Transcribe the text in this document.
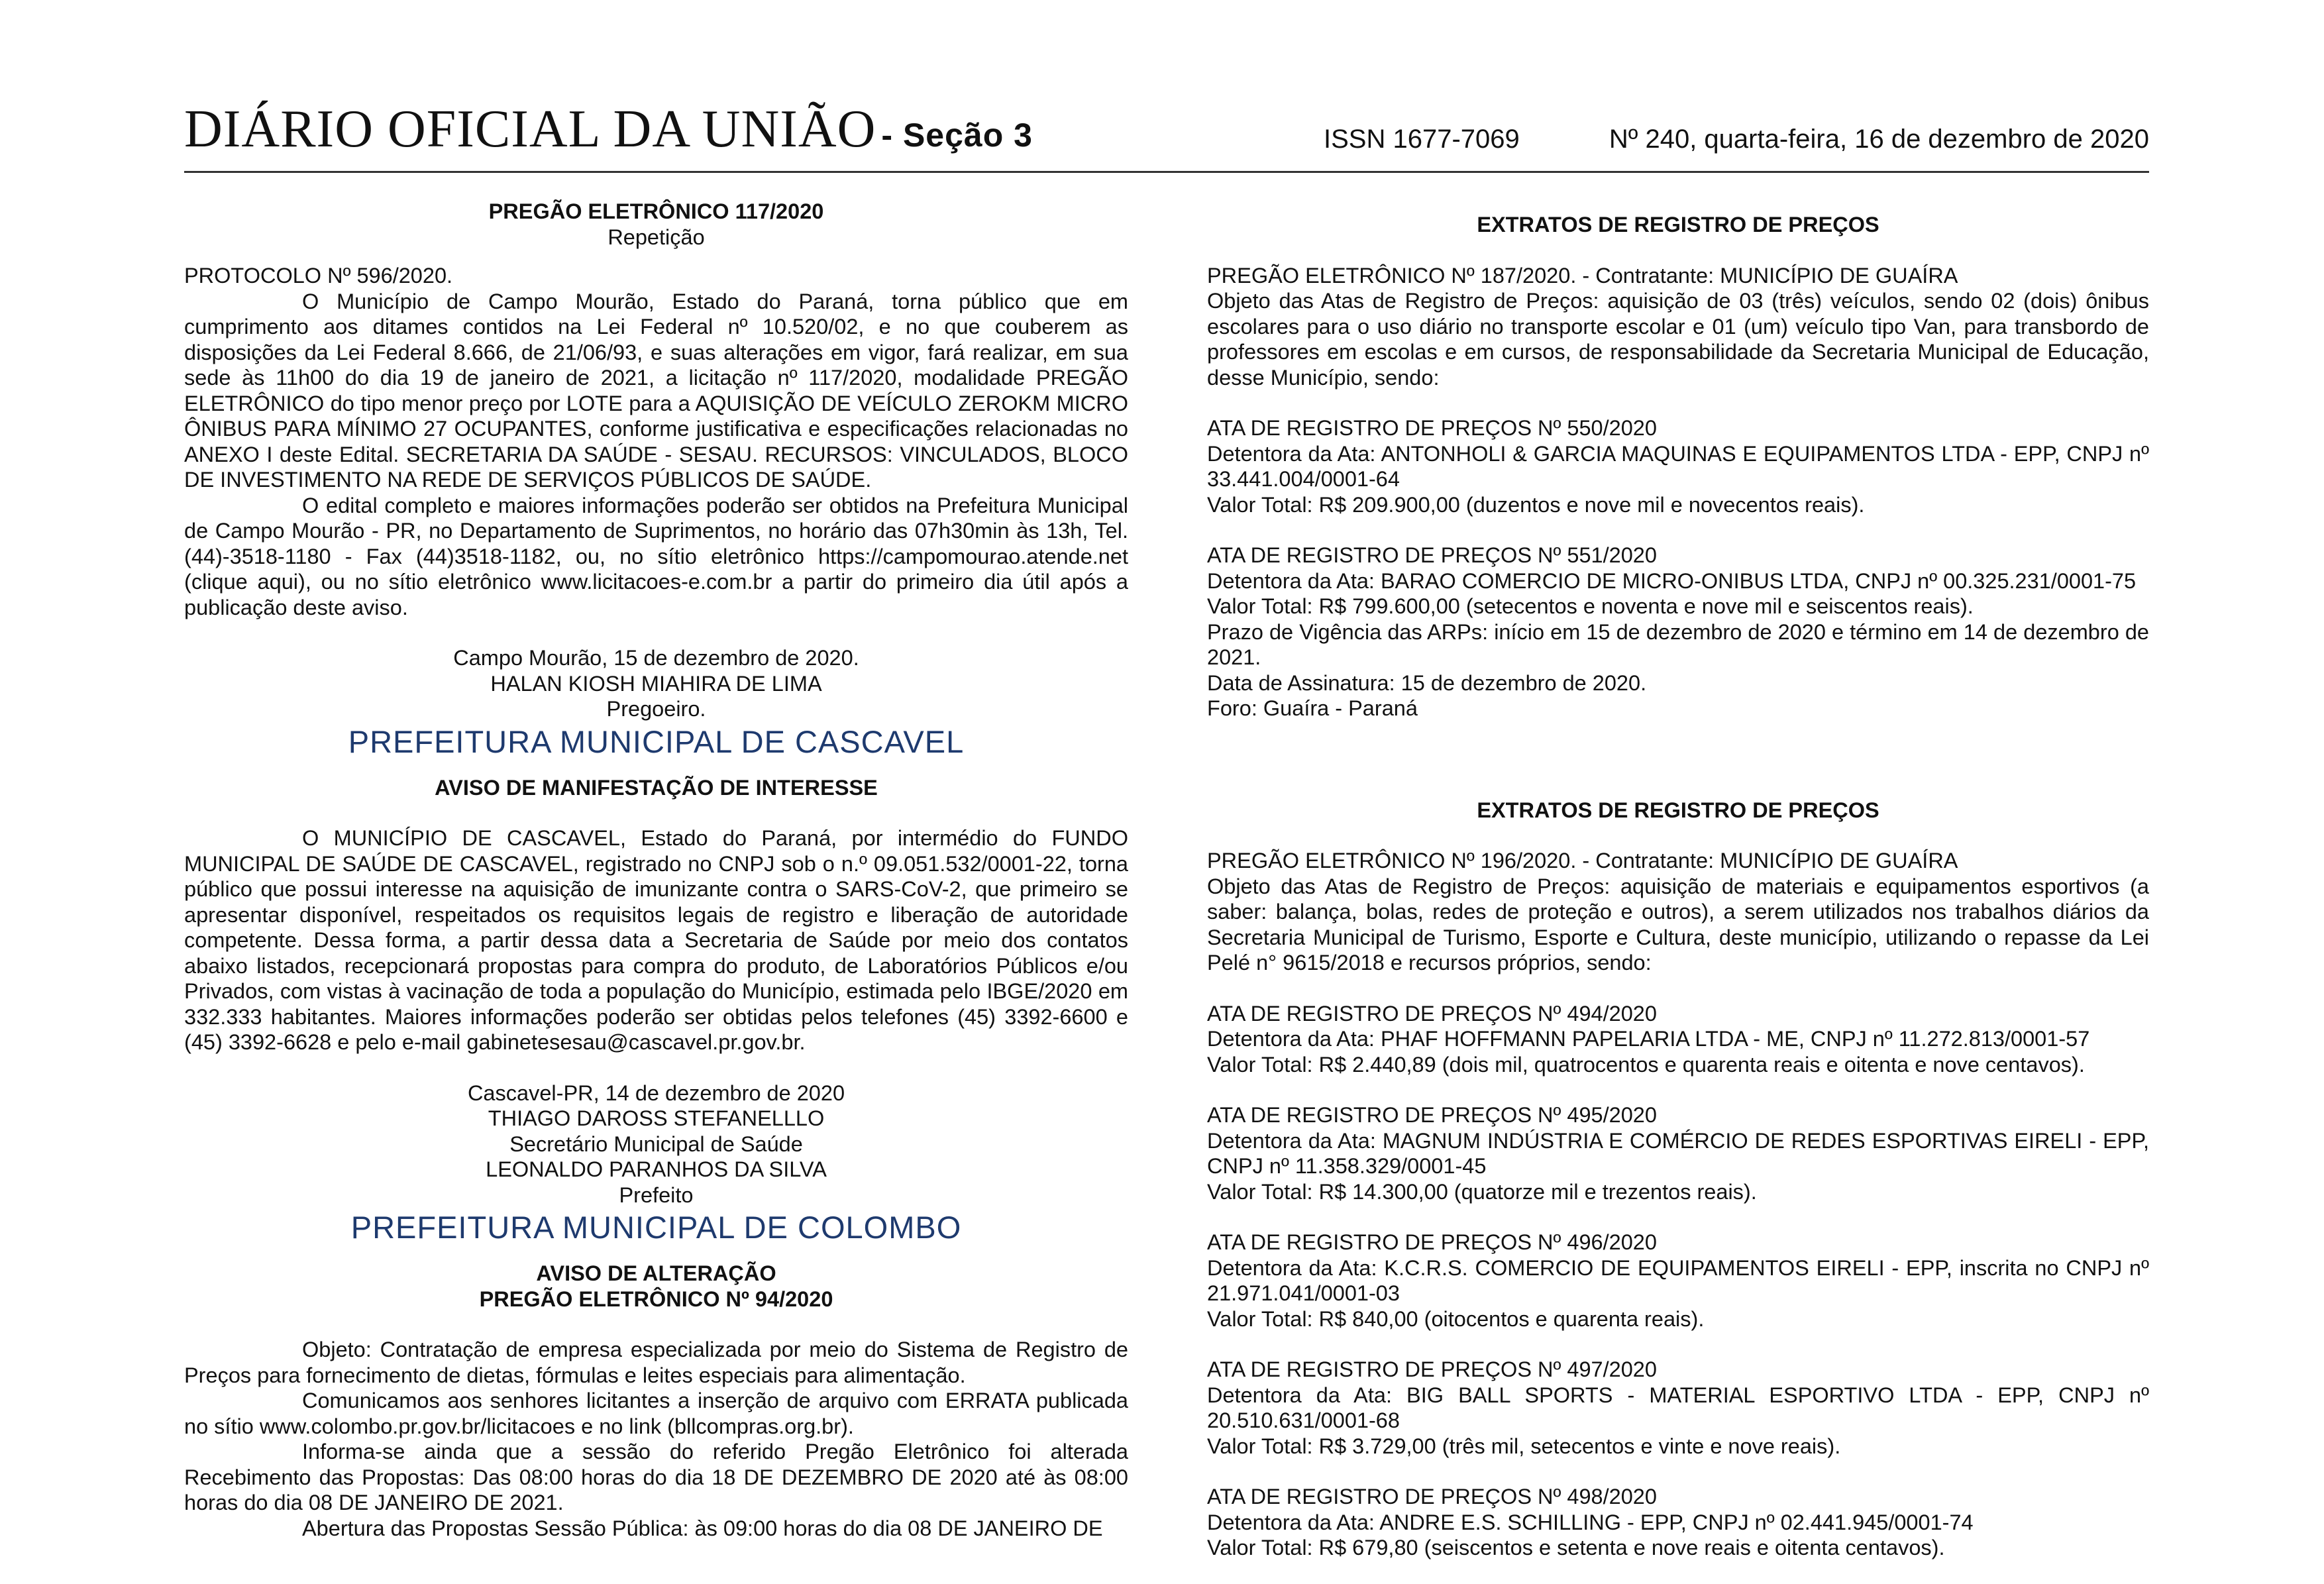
DIÁRIO OFICIAL DA UNIÃO - Seção 3	ISSN 1677-7069	Nº 240, quarta-feira, 16 de dezembro de 2020
PREGÃO ELETRÔNICO 117/2020

Repetição

PROTOCOLO Nº 596/2020.

O Município de Campo Mourão, Estado do Paraná, torna público que em cumprimento aos ditames contidos na Lei Federal nº 10.520/02, e no que couberem as disposições da Lei Federal 8.666, de 21/06/93, e suas alterações em vigor, fará realizar, em sua sede às 11h00 do dia 19 de janeiro de 2021, a licitação nº 117/2020, modalidade PREGÃO ELETRÔNICO do tipo menor preço por LOTE para a AQUISIÇÃO DE VEÍCULO ZEROKM MICRO ÔNIBUS PARA MÍNIMO 27 OCUPANTES, conforme justificativa e especificações relacionadas no ANEXO I deste Edital. SECRETARIA DA SAÚDE - SESAU. RECURSOS: VINCULADOS, BLOCO DE INVESTIMENTO NA REDE DE SERVIÇOS PÚBLICOS DE SAÚDE.

O edital completo e maiores informações poderão ser obtidos na Prefeitura Municipal de Campo Mourão - PR, no Departamento de Suprimentos, no horário das 07h30min às 13h, Tel. (44)-3518-1180 - Fax (44)3518-1182, ou, no sítio eletrônico https://campomourao.atende.net (clique aqui), ou no sítio eletrônico www.licitacoes-e.com.br a partir do primeiro dia útil após a publicação deste aviso.

Campo Mourão, 15 de dezembro de 2020.
HALAN KIOSH MIAHIRA DE LIMA
Pregoeiro.
PREFEITURA MUNICIPAL DE CASCAVEL
AVISO DE MANIFESTAÇÃO DE INTERESSE

O MUNICÍPIO DE CASCAVEL, Estado do Paraná, por intermédio do FUNDO MUNICIPAL DE SAÚDE DE CASCAVEL, registrado no CNPJ sob o n.º 09.051.532/0001-22, torna público que possui interesse na aquisição de imunizante contra o SARS-CoV-2, que primeiro se apresentar disponível, respeitados os requisitos legais de registro e liberação de autoridade competente. Dessa forma, a partir dessa data a Secretaria de Saúde por meio dos contatos abaixo listados, recepcionará propostas para compra do produto, de Laboratórios Públicos e/ou Privados, com vistas à vacinação de toda a população do Município, estimada pelo IBGE/2020 em 332.333 habitantes. Maiores informações poderão ser obtidas pelos telefones (45) 3392-6600 e (45) 3392-6628 e pelo e-mail gabinetesesau@cascavel.pr.gov.br.

Cascavel-PR, 14 de dezembro de 2020
THIAGO DAROSS STEFANELLLO
Secretário Municipal de Saúde
LEONALDO PARANHOS DA SILVA
Prefeito
PREFEITURA MUNICIPAL DE COLOMBO
AVISO DE ALTERAÇÃO
PREGÃO ELETRÔNICO Nº 94/2020

Objeto: Contratação de empresa especializada por meio do Sistema de Registro de Preços para fornecimento de dietas, fórmulas e leites especiais para alimentação.

Comunicamos aos senhores licitantes a inserção de arquivo com ERRATA publicada no sítio www.colombo.pr.gov.br/licitacoes e no link (bllcompras.org.br).

Informa-se ainda que a sessão do referido Pregão Eletrônico foi alterada Recebimento das Propostas: Das 08:00 horas do dia 18 DE DEZEMBRO DE 2020 até às 08:00 horas do dia 08 DE JANEIRO DE 2021.

Abertura das Propostas Sessão Pública: às 09:00 horas do dia 08 DE JANEIRO DE

EXTRATOS DE REGISTRO DE PREÇOS

PREGÃO ELETRÔNICO Nº 187/2020. - Contratante: MUNICÍPIO DE GUAÍRA

Objeto das Atas de Registro de Preços: aquisição de 03 (três) veículos, sendo 02 (dois) ônibus escolares para o uso diário no transporte escolar e 01 (um) veículo tipo Van, para transbordo de professores em escolas e em cursos, de responsabilidade da Secretaria Municipal de Educação, desse Município, sendo:

ATA DE REGISTRO DE PREÇOS Nº 550/2020

Detentora da Ata: ANTONHOLI & GARCIA MAQUINAS E EQUIPAMENTOS LTDA - EPP, CNPJ nº 33.441.004/0001-64

Valor Total: R$ 209.900,00 (duzentos e nove mil e novecentos reais).

ATA DE REGISTRO DE PREÇOS Nº 551/2020

Detentora da Ata: BARAO COMERCIO DE MICRO-ONIBUS LTDA, CNPJ nº 00.325.231/0001-75

Valor Total: R$ 799.600,00 (setecentos e noventa e nove mil e seiscentos reais).

Prazo de Vigência das ARPs: início em 15 de dezembro de 2020 e término em 14 de dezembro de 2021.

Data de Assinatura: 15 de dezembro de 2020.

Foro: Guaíra - Paraná

EXTRATOS DE REGISTRO DE PREÇOS

PREGÃO ELETRÔNICO Nº 196/2020. - Contratante: MUNICÍPIO DE GUAÍRA

Objeto das Atas de Registro de Preços: aquisição de materiais e equipamentos esportivos (a saber: balança, bolas, redes de proteção e outros), a serem utilizados nos trabalhos diários da Secretaria Municipal de Turismo, Esporte e Cultura, deste município, utilizando o repasse da Lei Pelé n° 9615/2018 e recursos próprios, sendo:

ATA DE REGISTRO DE PREÇOS Nº 494/2020

Detentora da Ata: PHAF HOFFMANN PAPELARIA LTDA - ME, CNPJ nº 11.272.813/0001-57

Valor Total: R$ 2.440,89 (dois mil, quatrocentos e quarenta reais e oitenta e nove centavos).

ATA DE REGISTRO DE PREÇOS Nº 495/2020

Detentora da Ata: MAGNUM INDÚSTRIA E COMÉRCIO DE REDES ESPORTIVAS EIRELI - EPP, CNPJ nº 11.358.329/0001-45

Valor Total: R$ 14.300,00 (quatorze mil e trezentos reais).

ATA DE REGISTRO DE PREÇOS Nº 496/2020

Detentora da Ata: K.C.R.S. COMERCIO DE EQUIPAMENTOS EIRELI - EPP, inscrita no CNPJ nº 21.971.041/0001-03

Valor Total: R$ 840,00 (oitocentos e quarenta reais).

ATA DE REGISTRO DE PREÇOS Nº 497/2020

Detentora da Ata: BIG BALL SPORTS - MATERIAL ESPORTIVO LTDA - EPP, CNPJ nº 20.510.631/0001-68

Valor Total: R$ 3.729,00 (três mil, setecentos e vinte e nove reais).

ATA DE REGISTRO DE PREÇOS Nº 498/2020

Detentora da Ata: ANDRE E.S. SCHILLING - EPP, CNPJ nº 02.441.945/0001-74

Valor Total: R$ 679,80 (seiscentos e setenta e nove reais e oitenta centavos).
